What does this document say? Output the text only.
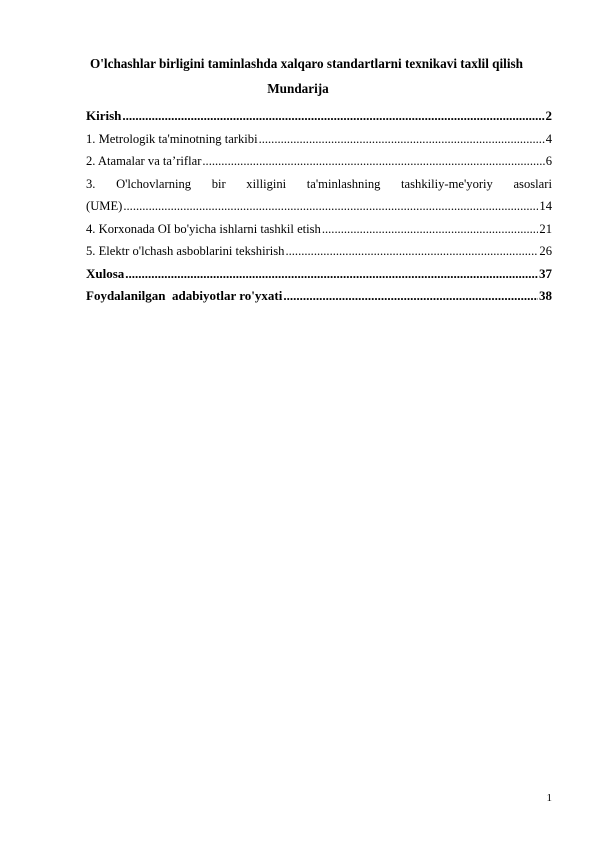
O'lchashlar birligini taminlashda xalqaro standartlarni texnikavi taxlil qilish
Mundarija
Kirish .....	2
1. Metrologik ta'minotning tarkibi .....	4
2. Atamalar va ta’riflar .....	6
3. O'lchovlarning bir xilligini ta'minlashning tashkiliy-me'yoriy asoslari
(UME) .....	14
4. Korxonada OI bo'yicha ishlarni tashkil etish .....	21
5. Elektr o'lchash asboblarini tekshirish .....	26
Xulosa .....	37
Foydalanilgan  adabiyotlar ro'yxati .....	38
1
